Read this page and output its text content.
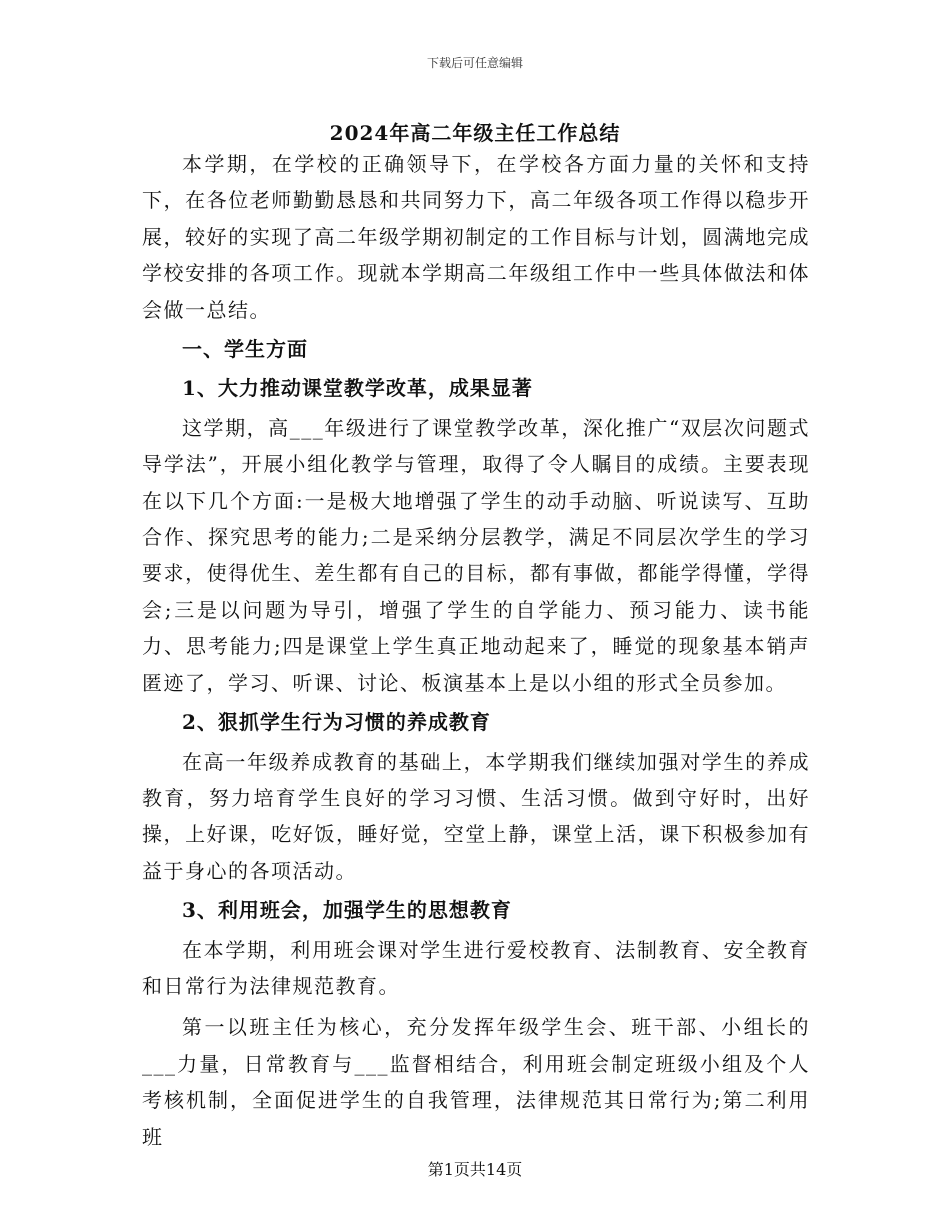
下载后可任意编辑
2024年高二年级主任工作总结

本学期，在学校的正确领导下，在学校各方面力量的关怀和支持下，在各位老师勤勤恳恳和共同努力下，高二年级各项工作得以稳步开展，较好的实现了高二年级学期初制定的工作目标与计划，圆满地完成学校安排的各项工作。现就本学期高二年级组工作中一些具体做法和体会做一总结。

一、学生方面

1、大力推动课堂教学改革，成果显著

这学期，高___年级进行了课堂教学改革，深化推广“双层次问题式导学法”，开展小组化教学与管理，取得了令人瞩目的成绩。主要表现在以下几个方面:一是极大地增强了学生的动手动脑、听说读写、互助合作、探究思考的能力;二是采纳分层教学，满足不同层次学生的学习要求，使得优生、差生都有自己的目标，都有事做，都能学得懂，学得会;三是以问题为导引，增强了学生的自学能力、预习能力、读书能力、思考能力;四是课堂上学生真正地动起来了，睡觉的现象基本销声匿迹了，学习、听课、讨论、板演基本上是以小组的形式全员参加。

2、狠抓学生行为习惯的养成教育

在高一年级养成教育的基础上，本学期我们继续加强对学生的养成教育，努力培育学生良好的学习习惯、生活习惯。做到守好时，出好操，上好课，吃好饭，睡好觉，空堂上静，课堂上活，课下积极参加有益于身心的各项活动。

3、利用班会，加强学生的思想教育

在本学期，利用班会课对学生进行爱校教育、法制教育、安全教育和日常行为法律规范教育。

第一以班主任为核心，充分发挥年级学生会、班干部、小组长的___力量，日常教育与___监督相结合，利用班会制定班级小组及个人考核机制，全面促进学生的自我管理，法律规范其日常行为;第二利用班

第1页共14页
